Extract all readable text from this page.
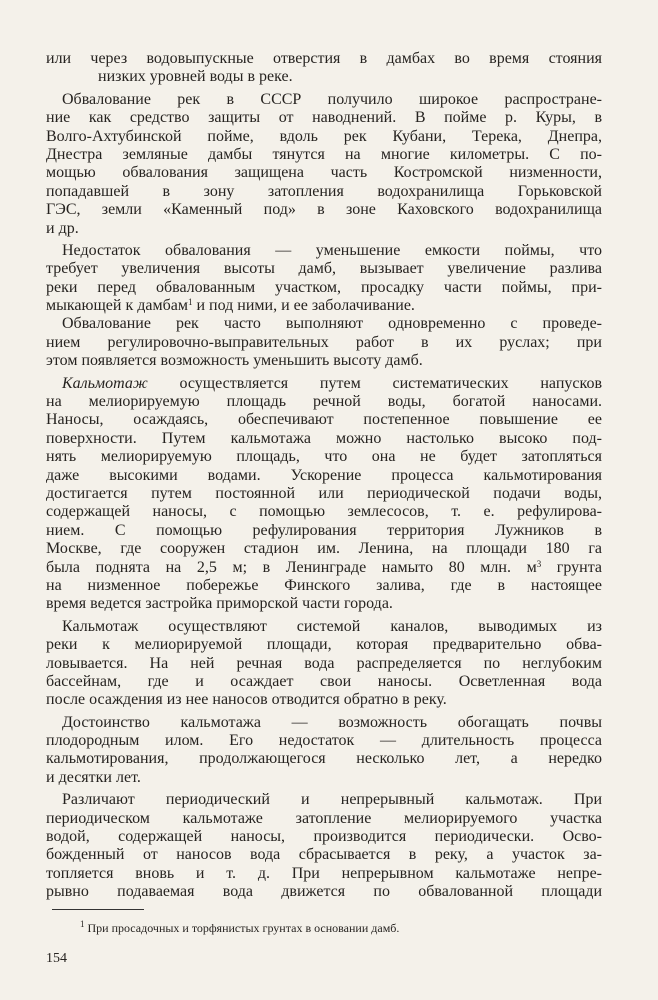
или через водовыпускные отверстия в дамбах во время стояния
низких уровней воды в реке.
Обвалование рек в СССР получило широкое распростране-
ние как средство защиты от наводнений. В пойме р. Куры, в
Волго-Ахтубинской пойме, вдоль рек Кубани, Терека, Днепра,
Днестра земляные дамбы тянутся на многие километры. С по-
мощью обвалования защищена часть Костромской низменности,
попадавшей в зону затопления водохранилища Горьковской
ГЭС, земли «Каменный под» в зоне Каховского водохранилища
и др.
Недостаток обвалования — уменьшение емкости поймы, что
требует увеличения высоты дамб, вызывает увеличение разлива
реки перед обвалованным участком, просадку части поймы, при-
мыкающей к дамбам$^1$ и под ними, и ее заболачивание.
Обвалование рек часто выполняют одновременно с проведе-
нием регулировочно-выправительных работ в их руслах; при
этом появляется возможность уменьшить высоту дамб.
Кальмотаж осуществляется путем систематических напусков
на мелиорируемую площадь речной воды, богатой наносами.
Наносы, осаждаясь, обеспечивают постепенное повышение ее
поверхности. Путем кальмотажа можно настолько высоко под-
нять мелиорируемую площадь, что она не будет затопляться
даже высокими водами. Ускорение процесса кальмотирования
достигается путем постоянной или периодической подачи воды,
содержащей наносы, с помощью землесосов, т. е. рефулирова-
нием. С помощью рефулирования территория Лужников в
Москве, где сооружен стадион им. Ленина, на площади 180 га
была поднята на 2,5 м; в Ленинграде намыто 80 млн. $м^3$ грунта
на низменное побережье Финского залива, где в настоящее
время ведется застройка приморской части города.
Кальмотаж осуществляют системой каналов, выводимых из
реки к мелиорируемой площади, которая предварительно обва-
ловывается. На ней речная вода распределяется по неглубоким
бассейнам, где и осаждает свои наносы. Осветленная вода
после осаждения из нее наносов отводится обратно в реку.
Достоинство кальмотажа — возможность обогащать почвы
плодородным илом. Его недостаток — длительность процесса
кальмотирования, продолжающегося несколько лет, а нередко
и десятки лет.
Различают периодический и непрерывный кальмотаж. При
периодическом кальмотаже затопление мелиорируемого участка
водой, содержащей наносы, производится периодически. Осво-
божденный от наносов вода сбрасывается в реку, а участок за-
топляется вновь и т. д. При непрерывном кальмотаже непре-
рывно подаваемая вода движется по обвалованной площади
$^1$ При просадочных и торфянистых грунтах в основании дамб.
154
